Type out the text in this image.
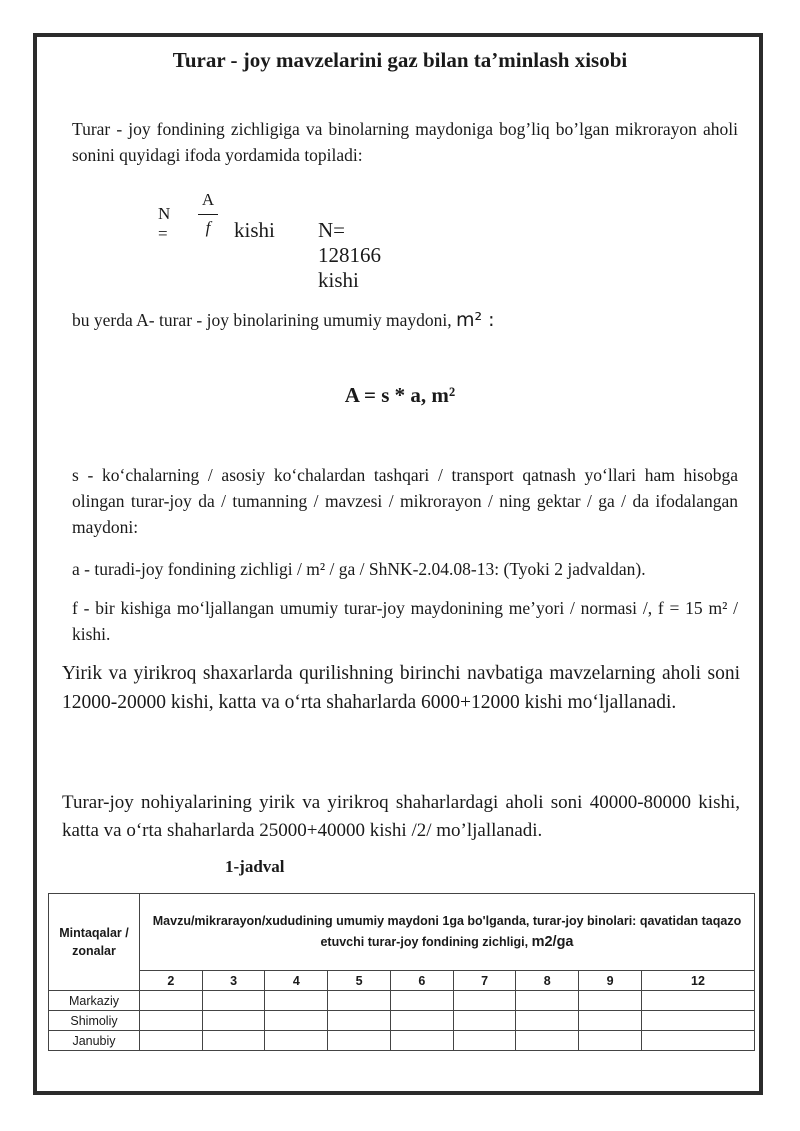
Turar - joy mavzelarini gaz bilan ta’minlash xisobi
Turar - joy fondining zichligiga va binolarning maydoniga bog’liq bo’lgan mikrorayon aholi sonini quyidagi ifoda yordamida topiladi:
N =
A
f	kishi N= 128166 kishi
bu yerda A- turar - joy binolarining umumiy maydoni, m² :
A = s * a, m²
s - ko‘chalarning / asosiy ko‘chalardan tashqari / transport qatnash yo‘llari ham hisobga olingan turar-joy da / tumanning / mavzesi / mikrorayon / ning gektar / ga / da ifodalangan maydoni:
a - turadi-joy fondining zichligi / m² / ga / ShNK-2.04.08-13: (Tyoki 2 jadvaldan).
f - bir kishiga mo‘ljallangan umumiy turar-joy maydonining me’yori / normasi /, f = 15 m² / kishi.
Yirik va yirikroq shaxarlarda qurilishning birinchi navbatiga mavzelarning aholi soni 12000-20000 kishi, katta va o‘rta shaharlarda 6000+12000 kishi mo‘ljallanadi.
Turar-joy nohiyalarining yirik va yirikroq shaharlardagi aholi soni 40000-80000 kishi, katta va o‘rta shaharlarda 25000+40000 kishi /2/ mo’ljallanadi.
1-jadval
Mintaqalar / zonalar	Mavzu/mikrarayon/xududining umumiy maydoni 1ga bo'lganda, turar-joy binolari: qavatidan taqazo etuvchi turar-joy fondining zichligi, m2/ga								
	2	3	4	5	6	7	8	9	12
Markaziy									
Shimoliy									
Janubiy									
